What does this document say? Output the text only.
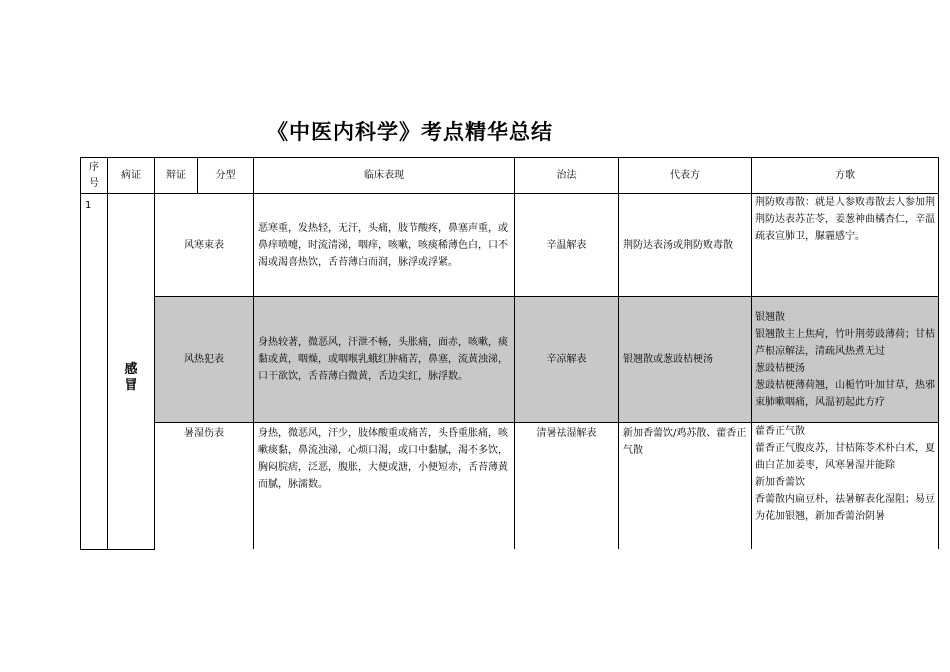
《中医内科学》考点精华总结
序号	病证	辩证	分型	临床表现	治法	代表方	方歌
1	感冒	风寒束表		恶寒重，发热轻，无汗，头痛，肢节酸疼，鼻塞声重，或鼻痒喷嚏，时流清涕，咽痒，咳嗽，咳痰稀薄色白，口不渴或渴喜热饮，舌苔薄白而润，脉浮或浮紧。	辛温解表	荆防达表汤或荆防败毒散	荆防败毒散：就是人参败毒散去人参加荆
荆防达表苏芷苓，姜葱神曲橘杏仁，辛温疏表宣肺卫，脲霾感宁。

		风热犯表		身热较著，微恶风，汗泄不畅，头胀痛，面赤，咳嗽，痰黏或黄，咽燥，或咽喉乳蛾红肿痛苦，鼻塞，流黄浊涕，口干欲饮，舌苔薄白微黄，舌边尖红，脉浮数。	辛凉解表	银翘散或葱豉桔梗汤	银翘散
银翘散主上焦疴，竹叶荆蒡豉薄荷；甘桔芦根凉解法，清疏风热煮无过
葱豉桔梗汤
葱豉桔梗薄荷翘，山栀竹叶加甘草，热邪束肺嗽咽痛，风温初起此方疗

		暑湿伤表		身热，微恶风，汗少，肢体酸重或痛苦，头昏重胀痛，咳嗽痰黏，鼻流浊涕，心烦口渴，或口中黏腻，渴不多饮，胸闷脘痞，泛恶，腹胀，大便或溏，小便短赤，舌苔薄黄而腻，脉濡数。	清暑祛湿解表	新加香薷饮/鸡苏散、藿香正气散	藿香正气散
藿香正气腹皮苏，甘桔陈苓术朴白术，夏曲白芷加姜枣，风寒暑湿并能除
新加香薷饮
香薷散内扁豆朴，祛暑解表化湿阻；易豆为花加银翘，新加香薷治阴暑
